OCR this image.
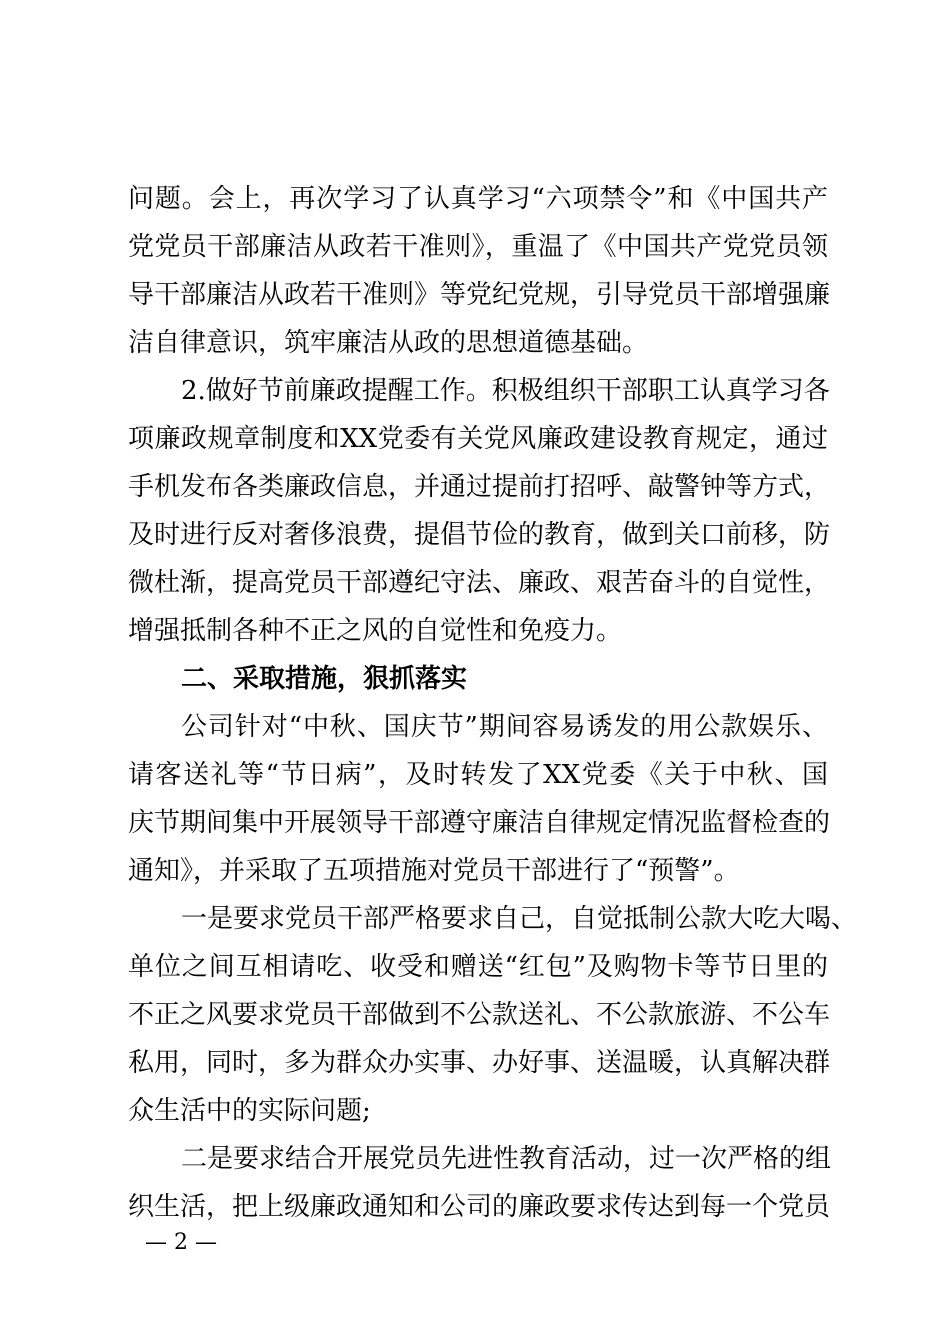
问题。会上，再次学习了认真学习“六项禁令”和《中国共产
党党员干部廉洁从政若干准则》，重温了《中国共产党党员领
导干部廉洁从政若干准则》等党纪党规，引导党员干部增强廉
洁自律意识，筑牢廉洁从政的思想道德基础。
2.做好节前廉政提醒工作。积极组织干部职工认真学习各
项廉政规章制度和XX党委有关党风廉政建设教育规定，通过
手机发布各类廉政信息，并通过提前打招呼、敲警钟等方式，
及时进行反对奢侈浪费，提倡节俭的教育，做到关口前移，防
微杜渐，提高党员干部遵纪守法、廉政、艰苦奋斗的自觉性，
增强抵制各种不正之风的自觉性和免疫力。
二、采取措施，狠抓落实
公司针对“中秋、国庆节”期间容易诱发的用公款娱乐、
请客送礼等“节日病”，及时转发了XX党委《关于中秋、国
庆节期间集中开展领导干部遵守廉洁自律规定情况监督检查的
通知》，并采取了五项措施对党员干部进行了“预警”。
一是要求党员干部严格要求自己，自觉抵制公款大吃大喝、
单位之间互相请吃、收受和赠送“红包”及购物卡等节日里的
不正之风要求党员干部做到不公款送礼、不公款旅游、不公车
私用，同时，多为群众办实事、办好事、送温暖，认真解决群
众生活中的实际问题;
二是要求结合开展党员先进性教育活动，过一次严格的组
织生活，把上级廉政通知和公司的廉政要求传达到每一个党员
— 2 —
